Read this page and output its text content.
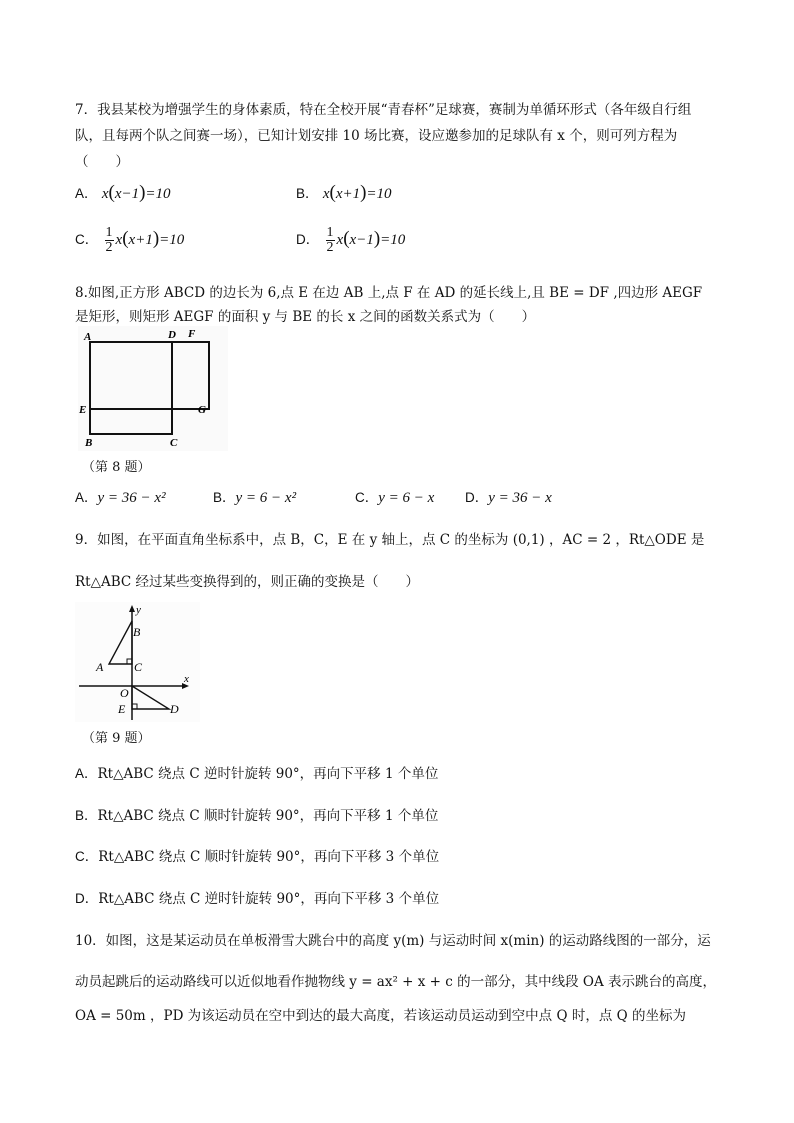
7．我县某校为增强学生的身体素质，特在全校开展“青春杯”足球赛，赛制为单循环形式（各年级自行组
队，且每两个队之间赛一场），已知计划安排 10 场比赛，设应邀参加的足球队有 x 个，则可列方程为
（　　）
A． x(x−1)=10	B． x(x+1)=10
C． $\frac{1}{2} x(x+1)=10$	D． $\frac{1}{2} x(x-1)=10$
8.如图,正方形 ABCD 的边长为 6,点 E 在边 AB 上,点 F 在 AD 的延长线上,且 BE = DF ,四边形 AEGF
是矩形，则矩形 AEGF 的面积 y 与 BE 的长 x 之间的函数关系式为（　　）
A	D F
E	G
B	C
（第 8 题）
A．y = 36 − x²	B．y = 6 − x²	C．y = 6 − x D．y = 36 − x
9．如图，在平面直角坐标系中，点 B，C，E 在 y 轴上，点 C 的坐标为 (0,1) ，AC = 2 ，Rt△ODE 是
Rt△ABC 经过某些变换得到的，则正确的变换是（　　）
y
x
B
A	C
O
E	D
（第 9 题）
A．Rt△ABC 绕点 C 逆时针旋转 90°，再向下平移 1 个单位
B．Rt△ABC 绕点 C 顺时针旋转 90°，再向下平移 1 个单位
C．Rt△ABC 绕点 C 顺时针旋转 90°，再向下平移 3 个单位
D．Rt△ABC 绕点 C 逆时针旋转 90°，再向下平移 3 个单位
10．如图，这是某运动员在单板滑雪大跳台中的高度 y(m) 与运动时间 x(min) 的运动路线图的一部分，运
动员起跳后的运动路线可以近似地看作抛物线 y = ax² + x + c 的一部分，其中线段 OA 表示跳台的高度，
OA = 50m ，PD 为该运动员在空中到达的最大高度，若该运动员运动到空中点 Q 时，点 Q 的坐标为
